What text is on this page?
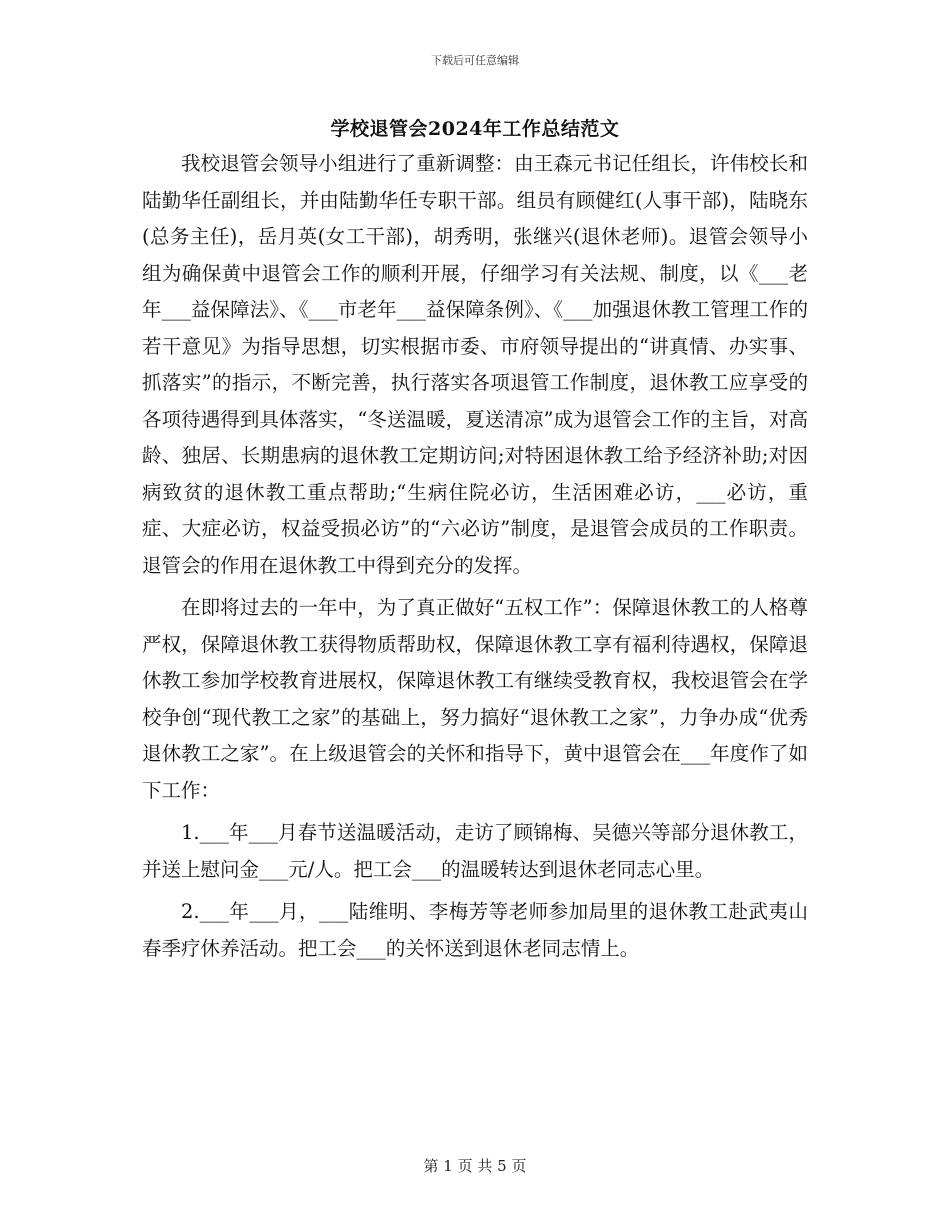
下载后可任意编辑
学校退管会2024年工作总结范文

我校退管会领导小组进行了重新调整：由王森元书记任组长，许伟校长和陆勤华任副组长，并由陆勤华任专职干部。组员有顾健红(人事干部)，陆晓东(总务主任)，岳月英(女工干部)，胡秀明，张继兴(退休老师)。退管会领导小组为确保黄中退管会工作的顺利开展，仔细学习有关法规、制度，以《___老年___益保障法》、《___市老年___益保障条例》、《___加强退休教工管理工作的若干意见》为指导思想，切实根据市委、市府领导提出的“讲真情、办实事、抓落实”的指示，不断完善，执行落实各项退管工作制度，退休教工应享受的各项待遇得到具体落实，“冬送温暖，夏送清凉”成为退管会工作的主旨，对高龄、独居、长期患病的退休教工定期访问;对特困退休教工给予经济补助;对因病致贫的退休教工重点帮助;“生病住院必访，生活困难必访，___必访，重症、大症必访，权益受损必访”的“六必访”制度，是退管会成员的工作职责。退管会的作用在退休教工中得到充分的发挥。

在即将过去的一年中，为了真正做好“五权工作”：保障退休教工的人格尊严权，保障退休教工获得物质帮助权，保障退休教工享有福利待遇权，保障退休教工参加学校教育进展权，保障退休教工有继续受教育权，我校退管会在学校争创“现代教工之家”的基础上，努力搞好“退休教工之家”，力争办成“优秀退休教工之家”。在上级退管会的关怀和指导下，黄中退管会在___年度作了如下工作：

1.___年___月春节送温暖活动，走访了顾锦梅、吴德兴等部分退休教工，并送上慰问金___元/人。把工会___的温暖转达到退休老同志心里。

2.___年___月，___陆维明、李梅芳等老师参加局里的退休教工赴武夷山春季疗休养活动。把工会___的关怀送到退休老同志情上。

第 1 页 共 5 页
